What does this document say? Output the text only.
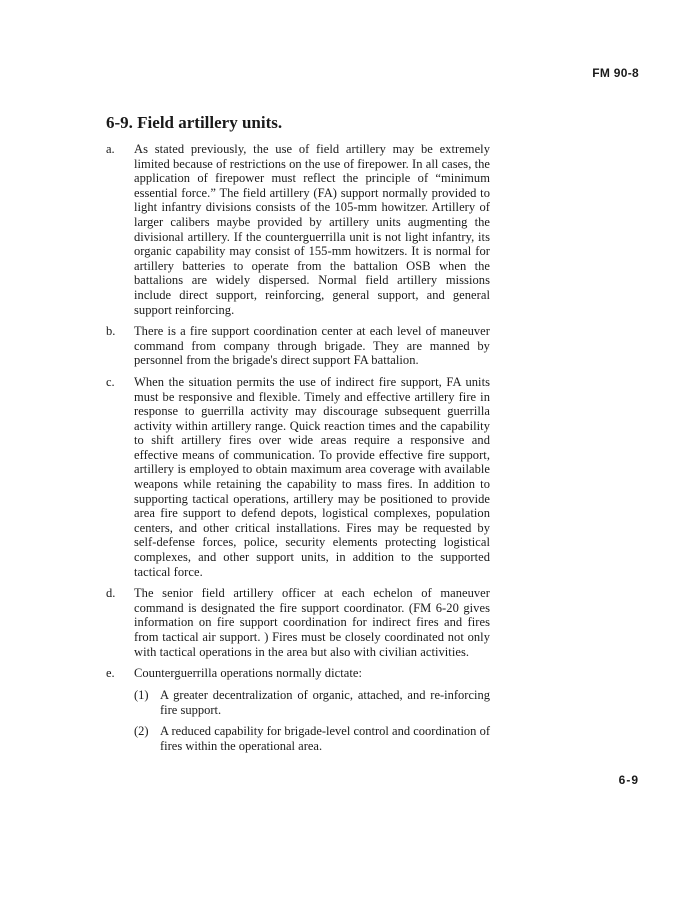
FM 90-8
6-9. Field artillery units.
a.	As stated previously, the use of field artillery may be extremely limited because of restrictions on the use of firepower. In all cases, the application of firepower must reflect the principle of “minimum essential force.” The field artillery (FA) support normally provided to light infantry divisions consists of the 105-mm howitzer. Artillery of larger calibers maybe provided by artillery units augmenting the divisional artillery. If the counterguerrilla unit is not light infantry, its organic capability may consist of 155-mm howitzers. It is normal for artillery batteries to operate from the battalion OSB when the battalions are widely dispersed. Normal field artillery missions include direct support, reinforcing, general support, and general support reinforcing.
b.	There is a fire support coordination center at each level of maneuver command from company through brigade. They are manned by personnel from the brigade's direct support FA battalion.
c.	When the situation permits the use of indirect fire support, FA units must be responsive and flexible. Timely and effective artillery fire in response to guerrilla activity may discourage subsequent guerrilla activity within artillery range. Quick reaction times and the capability to shift artillery fires over wide areas require a responsive and effective means of communication. To provide effective fire support, artillery is employed to obtain maximum area coverage with available weapons while retaining the capability to mass fires. In addition to supporting tactical operations, artillery may be positioned to provide area fire support to defend depots, logistical complexes, population centers, and other critical installations. Fires may be requested by self-defense forces, police, security elements protecting logistical complexes, and other support units, in addition to the supported tactical force.
d.	The senior field artillery officer at each echelon of maneuver command is designated the fire support coordinator. (FM 6-20 gives information on fire support coordination for indirect fires and fires from tactical air support. ) Fires must be closely coordinated not only with tactical operations in the area but also with civilian activities.
e.	Counterguerrilla operations normally dictate:
(1) A greater decentralization of organic, attached, and re-inforcing fire support.
(2) A reduced capability for brigade-level control and coordination of fires within the operational area.
6-9
